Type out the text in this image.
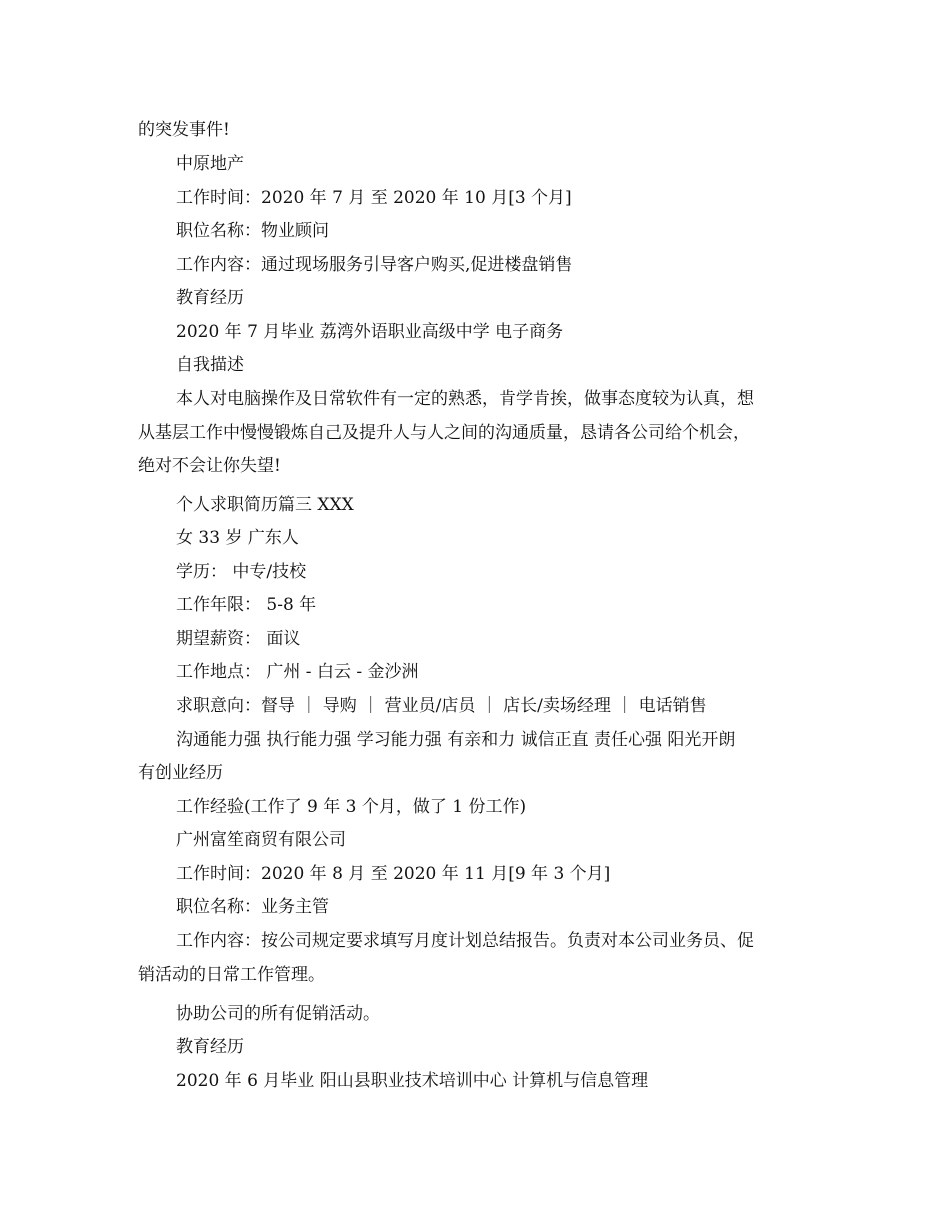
的突发事件!
中原地产
工作时间：2020 年 7 月 至 2020 年 10 月[3 个月]
职位名称：物业顾问
工作内容：通过现场服务引导客户购买,促进楼盘销售
教育经历
2020 年 7 月毕业 荔湾外语职业高级中学 电子商务
自我描述
本人对电脑操作及日常软件有一定的熟悉，肯学肯挨，做事态度较为认真，想
从基层工作中慢慢锻炼自己及提升人与人之间的沟通质量，恳请各公司给个机会，
绝对不会让你失望!
个人求职简历篇三 XXX
女 33 岁 广东人
学历： 中专/技校
工作年限： 5-8 年
期望薪资： 面议
工作地点： 广州 - 白云 - 金沙洲
求职意向：督导 ｜ 导购 ｜ 营业员/店员 ｜ 店长/卖场经理 ｜ 电话销售
沟通能力强 执行能力强 学习能力强 有亲和力 诚信正直 责任心强 阳光开朗
有创业经历
工作经验(工作了 9 年 3 个月，做了 1 份工作)
广州富笙商贸有限公司
工作时间：2020 年 8 月 至 2020 年 11 月[9 年 3 个月]
职位名称：业务主管
工作内容：按公司规定要求填写月度计划总结报告。负责对本公司业务员、促
销活动的日常工作管理。
协助公司的所有促销活动。
教育经历
2020 年 6 月毕业 阳山县职业技术培训中心 计算机与信息管理
